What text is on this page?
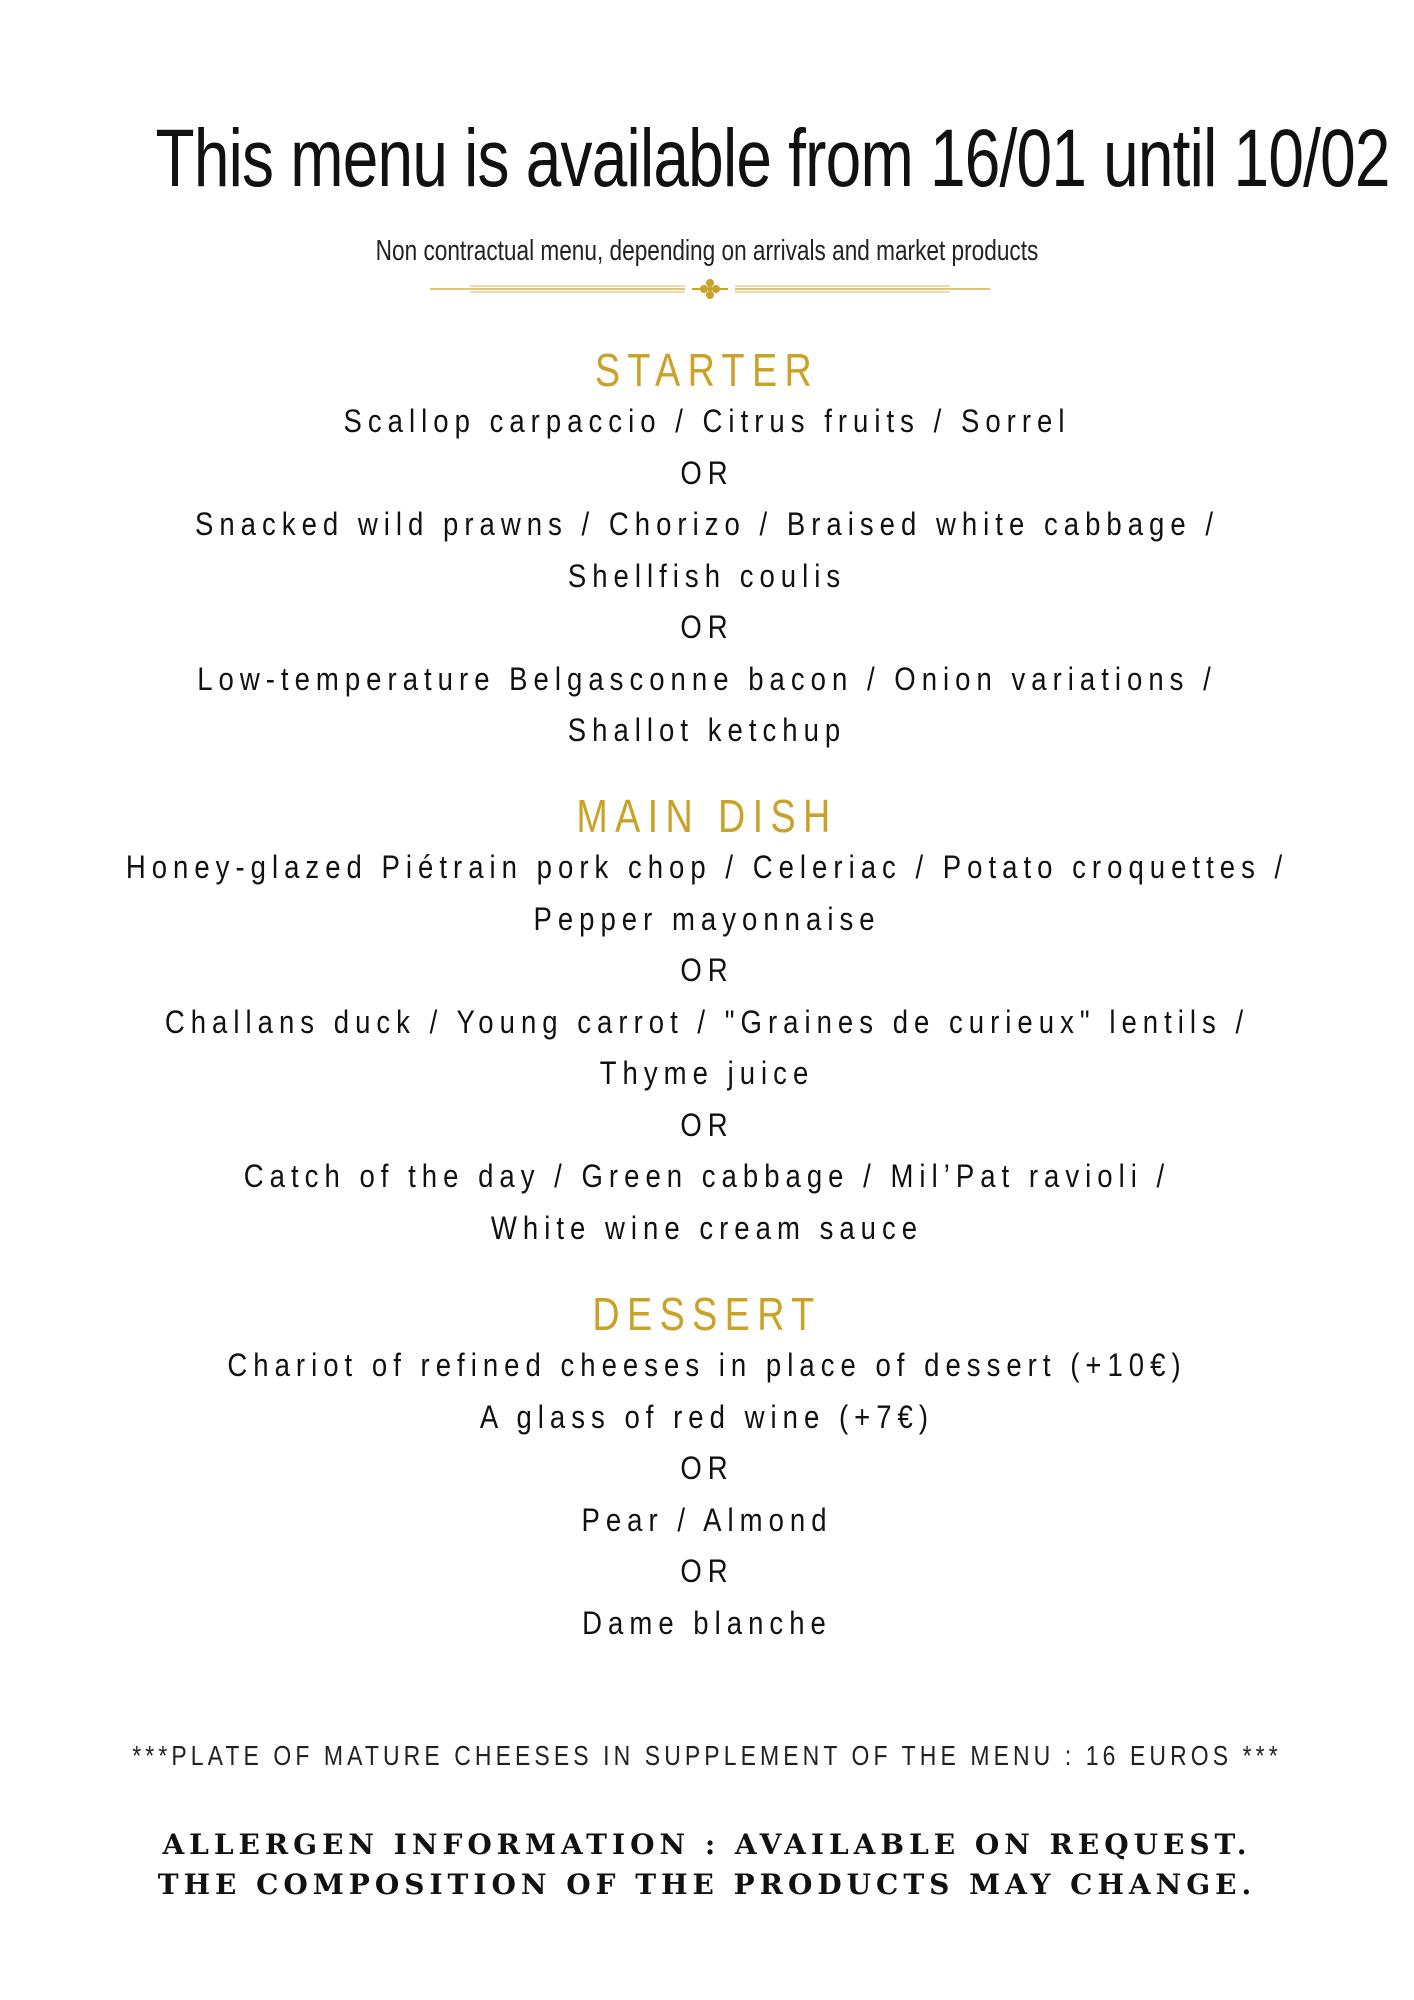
This menu is available from 16/01 until 10/02
Non contractual menu, depending on arrivals and market products
STARTER
Scallop carpaccio / Citrus fruits / Sorrel
OR
Snacked wild prawns / Chorizo / Braised white cabbage /
Shellfish coulis
OR
Low-temperature Belgasconne bacon / Onion variations /
Shallot ketchup
MAIN DISH
Honey-glazed Piétrain pork chop / Celeriac / Potato croquettes /
Pepper mayonnaise
OR
Challans duck / Young carrot / "Graines de curieux" lentils /
Thyme juice
OR
Catch of the day / Green cabbage / Mil’Pat ravioli /
White wine cream sauce
DESSERT
Chariot of refined cheeses in place of dessert (+10€)
A glass of red wine (+7€)
OR
Pear / Almond
OR
Dame blanche
***PLATE OF MATURE CHEESES IN SUPPLEMENT OF THE MENU : 16 EUROS ***
ALLERGEN INFORMATION : AVAILABLE ON REQUEST.
THE COMPOSITION OF THE PRODUCTS MAY CHANGE.
